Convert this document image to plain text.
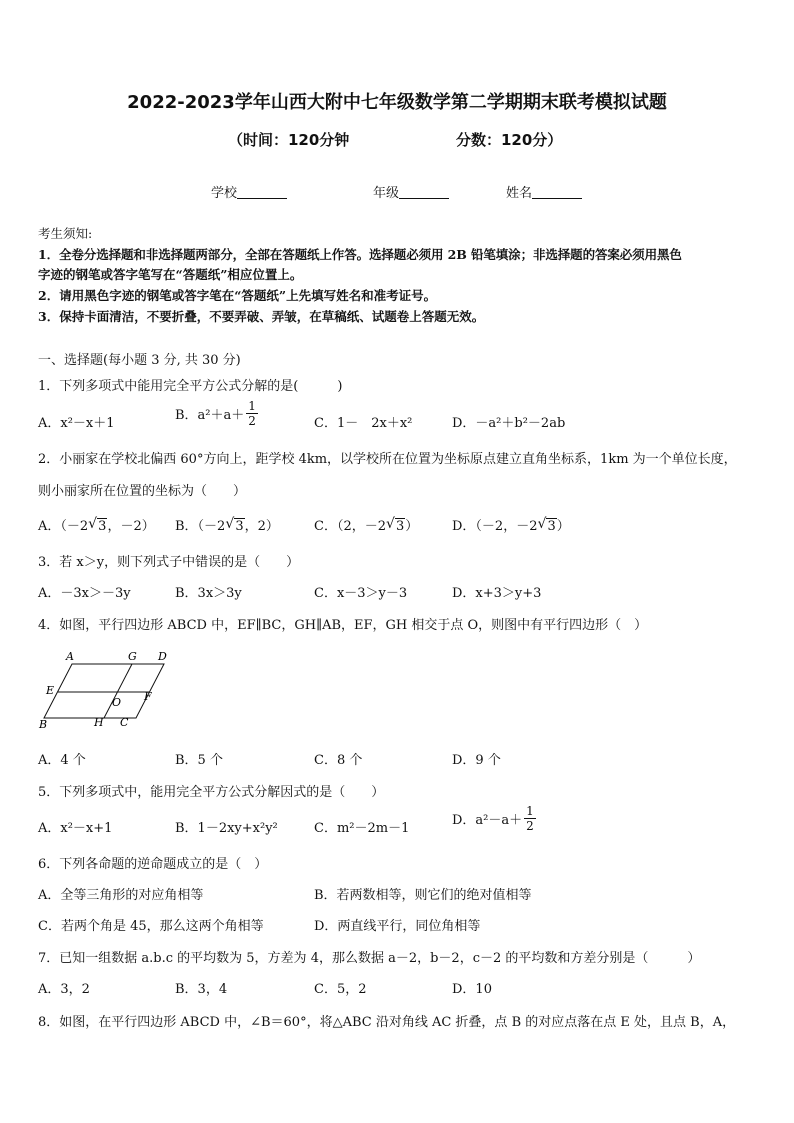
2022-2023学年山西大附中七年级数学第二学期期末联考模拟试题
（时间：120分钟	分数：120分）
学校	年级	姓名
考生须知:
1．全卷分选择题和非选择题两部分，全部在答题纸上作答。选择题必须用 2B 铅笔填涂；非选择题的答案必须用黑色
字迹的钢笔或答字笔写在“答题纸”相应位置上。
2．请用黑色字迹的钢笔或答字笔在“答题纸”上先填写姓名和准考证号。
3．保持卡面清洁，不要折叠，不要弄破、弄皱，在草稿纸、试题卷上答题无效。
一、选择题(每小题 3 分, 共 30 分)
1．下列多项式中能用完全平方公式分解的是(　　　)
A．x²－x＋1
B．$a^2+a+ \frac{1}{2}$	C．1－　2x＋x²	D．－a²＋b²－2ab
2．小丽家在学校北偏西 60°方向上，距学校 4km，以学校所在位置为坐标原点建立直角坐标系，1km 为一个单位长度，
则小丽家所在位置的坐标为（　　）
A．（－2 √ 3，－2） B．（－2 √ 3，2）	C．（2，－2 √ 3）	D．（－2，－2 √ 3）
3．若 x＞y，则下列式子中错误的是（　　）
A．－3x＞－3y	B．3x＞3y	C．x－3＞y－3	D．x+3＞y+3
4．如图，平行四边形 ABCD 中，EF∥BC，GH∥AB，EF，GH 相交于点 O，则图中有平行四边形（　）
A	G D
E	F
O
B	H C
A．4 个	B．5 个	C．8 个	D．9 个
5．下列多项式中，能用完全平方公式分解因式的是（　　）
A．x²－x+1	B．1－2xy+x²y²	C．m²－2m－1
D．$a^2-a+ \frac{1}{2}$
6．下列各命题的逆命题成立的是（　）
A．全等三角形的对应角相等	B．若两数相等，则它们的绝对值相等
C．若两个角是 45，那么这两个角相等	D．两直线平行，同位角相等
7．已知一组数据 a.b.c 的平均数为 5，方差为 4，那么数据 a－2，b－2，c－2 的平均数和方差分别是（　　　）
A．3，2	B．3，4	C．5，2	D．10
8．如图，在平行四边形 ABCD 中，∠B＝60°，将△ABC 沿对角线 AC 折叠，点 B 的对应点落在点 E 处，且点 B，A，
